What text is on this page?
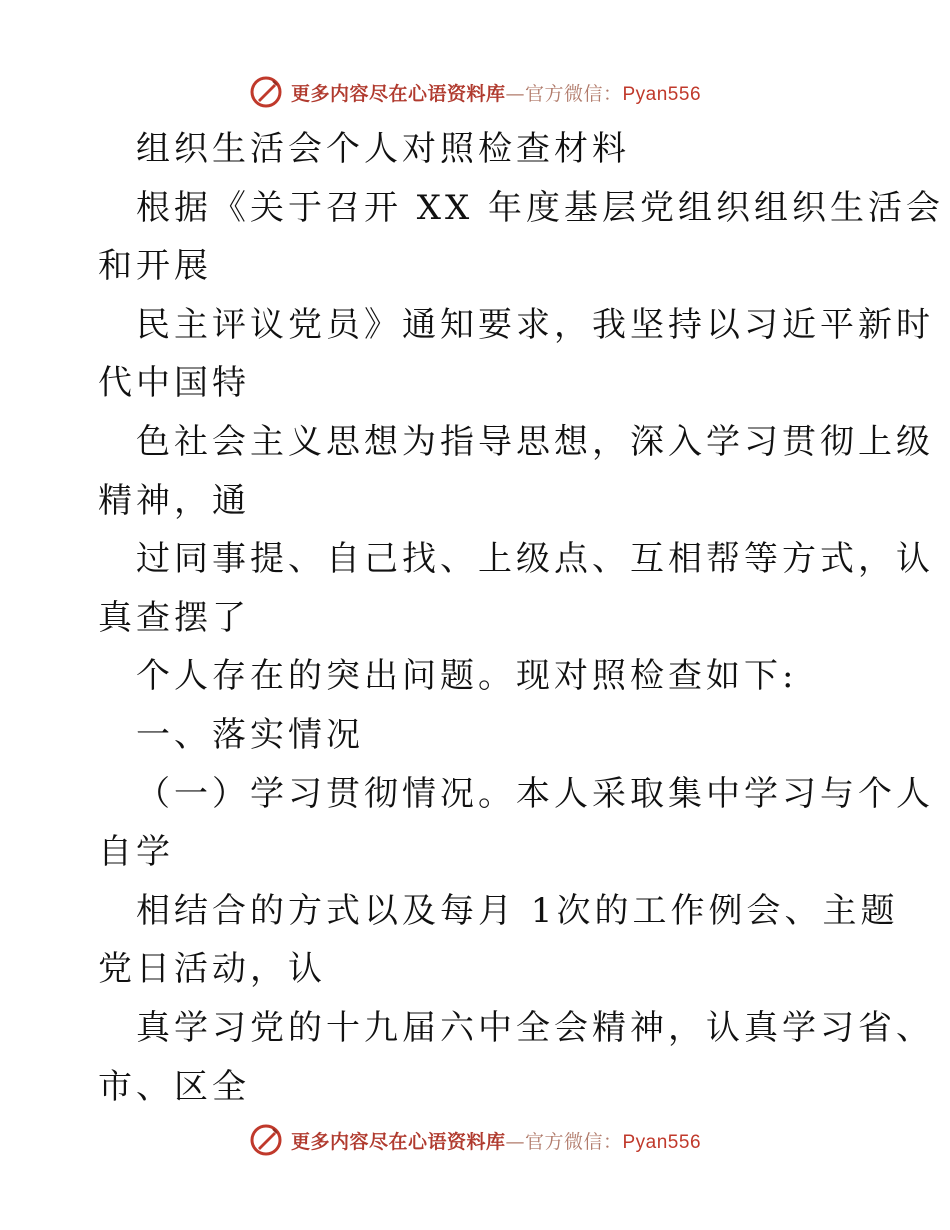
更多内容尽在心语资料库—官方微信：Pyan556
组织生活会个人对照检查材料
根据《关于召开 XX 年度基层党组织组织生活会
和开展
民主评议党员》通知要求，我坚持以习近平新时
代中国特
色社会主义思想为指导思想，深入学习贯彻上级
精神，通
过同事提、自己找、上级点、互相帮等方式，认
真查摆了
个人存在的突出问题。现对照检查如下:
一、落实情况
（一）学习贯彻情况。本人采取集中学习与个人
自学
相结合的方式以及每月 1次的工作例会、主题
党日活动，认
真学习党的十九届六中全会精神，认真学习省、
市、区全
更多内容尽在心语资料库—官方微信：Pyan556
